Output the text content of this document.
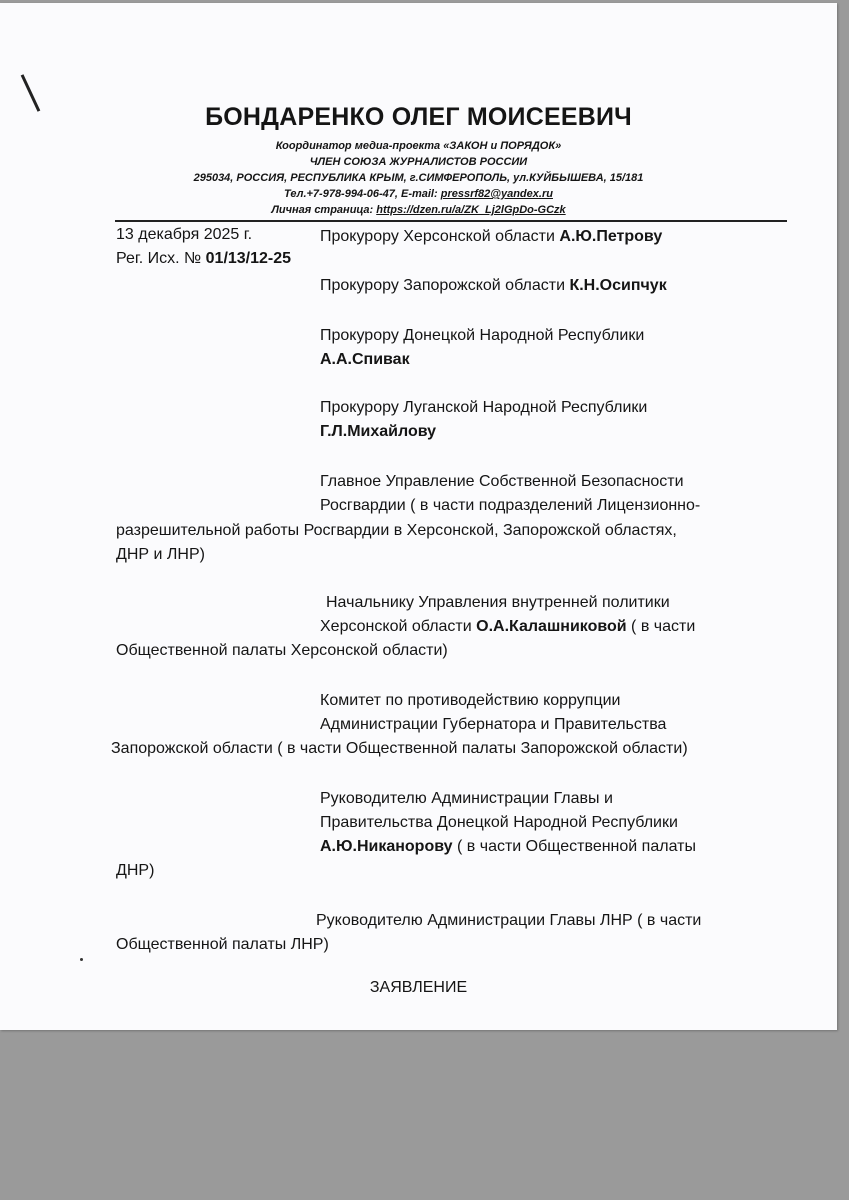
БОНДАРЕНКО ОЛЕГ МОИСЕЕВИЧ

Координатор медиа-проекта «ЗАКОН и ПОРЯДОК»

ЧЛЕН СОЮЗА ЖУРНАЛИСТОВ РОССИИ

295034, РОССИЯ, РЕСПУБЛИКА КРЫМ, г.СИМФЕРОПОЛЬ, ул.КУЙБЫШЕВА, 15/181

Тел.+7-978-994-06-47, E-mail: pressrf82@yandex.ru

Личная страница: https://dzen.ru/a/ZK_Lj2lGpDo-GCzk

13 декабря 2025 г.

Рег. Исх. № 01/13/12-25

Прокурору Херсонской области А.Ю.Петрову

Прокурору Запорожской области К.Н.Осипчук

Прокурору Донецкой Народной Республики

А.А.Спивак

Прокурору Луганской Народной Республики

Г.Л.Михайлову

Главное Управление Собственной Безопасности

Росгвардии ( в части подразделений Лицензионно-

разрешительной работы Росгвардии в Херсонской, Запорожской областях,

ДНР и ЛНР)

Начальнику Управления внутренней политики

Херсонской области О.А.Калашниковой ( в части

Общественной палаты Херсонской области)

Комитет по противодействию коррупции

Администрации Губернатора и Правительства

Запорожской области ( в части Общественной палаты Запорожской области)

Руководителю Администрации Главы и

Правительства Донецкой Народной Республики

А.Ю.Никанорову ( в части Общественной палаты

ДНР)

Руководителю Администрации Главы ЛНР ( в части

Общественной палаты ЛНР)

ЗАЯВЛЕНИЕ
